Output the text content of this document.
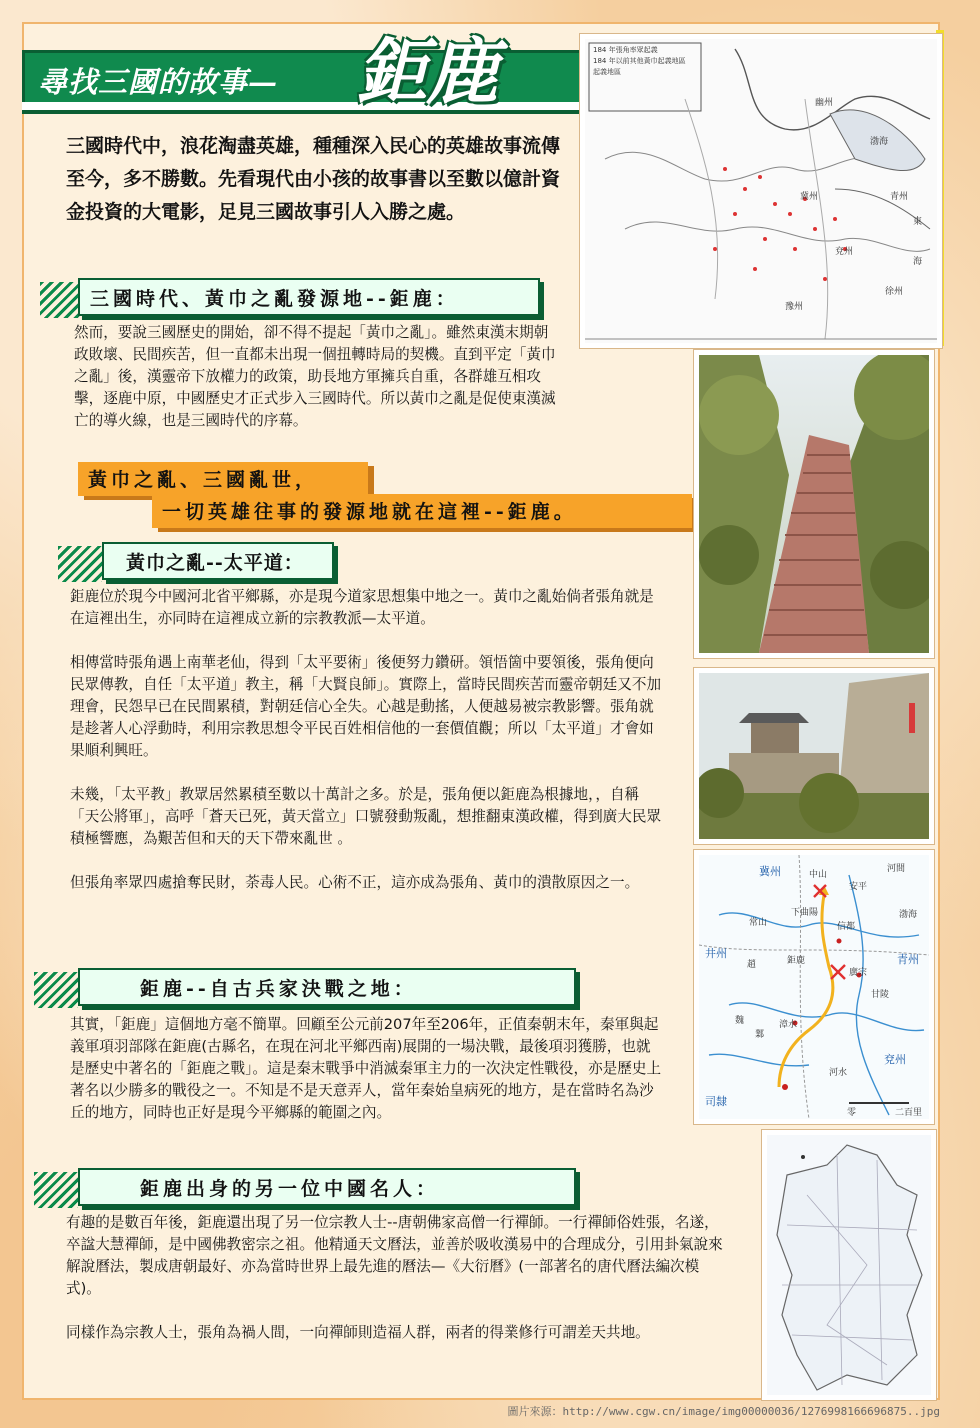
尋找三國的故事— 鉅鹿
三國時代中，浪花淘盡英雄，種種深入民心的英雄故事流傳至今，多不勝數。先看現代由小孩的故事書以至數以億計資金投資的大電影，足見三國故事引人入勝之處。
三國時代、黃巾之亂發源地--鉅鹿：
然而，要說三國歷史的開始，卻不得不提起「黃巾之亂」。雖然東漢末期朝政敗壞、民間疾苦，但一直都未出現一個扭轉時局的契機。直到平定「黃巾之亂」後，漢靈帝下放權力的政策，助長地方軍擁兵自重，各群雄互相攻擊，逐鹿中原，中國歷史才正式步入三國時代。所以黃巾之亂是促使東漢滅亡的導火線，也是三國時代的序幕。
黃巾之亂、三國亂世，
一切英雄往事的發源地就在這裡--鉅鹿。
黃巾之亂--太平道：

鉅鹿位於現今中國河北省平鄉縣，亦是現今道家思想集中地之一。黃巾之亂始倘者張角就是在這裡出生，亦同時在這裡成立新的宗教教派—太平道。

相傳當時張角遇上南華老仙，得到「太平要術」後便努力鑽研。領悟箇中要領後，張角便向民眾傳教，自任「太平道」教主，稱「大賢良師」。實際上，當時民間疾苦而靈帝朝廷又不加理會，民怨早已在民間累積，對朝廷信心全失。心越是動搖，人便越易被宗教影響。張角就是趁著人心浮動時，利用宗教思想令平民百姓相信他的一套價值觀；所以「太平道」才會如果順利興旺。

未幾，「太平教」教眾居然累積至數以十萬計之多。於是，張角便以鉅鹿為根據地，，自稱「天公將軍」，高呼「蒼天已死，黃天當立」口號發動叛亂，想推翻東漢政權，得到廣大民眾積極響應，為艱苦但和天的天下帶來亂世 。

但張角率眾四處搶奪民財，荼毒人民。心術不正，這亦成為張角、黃巾的潰散原因之一。

鉅鹿--自古兵家決戰之地：
其實，「鉅鹿」這個地方毫不簡單。回顧至公元前207年至206年，正值秦朝末年，秦軍與起義軍項羽部隊在鉅鹿(古縣名，在現在河北平鄉西南)展開的一場決戰，最後項羽獲勝，也就是歷史中著名的「鉅鹿之戰」。這是秦末戰爭中消滅秦軍主力的一次決定性戰役，亦是歷史上著名以少勝多的戰役之一。不知是不是天意弄人，當年秦始皇病死的地方，是在當時名為沙丘的地方，同時也正好是現今平鄉縣的範圍之內。
鉅鹿出身的另一位中國名人：

有趣的是數百年後，鉅鹿還出現了另一位宗教人士--唐朝佛家高僧一行禪師。一行禪師俗姓張，名遂，卒諡大慧禪師，是中國佛教密宗之祖。他精通天文曆法，並善於吸收漢易中的合理成分，引用卦氣說來解說曆法，製成唐朝最好、亦為當時世界上最先進的曆法—《大衍曆》(一部著名的唐代曆法編次模式)。

同樣作為宗教人士，張角為禍人間，一向禪師則造福人群，兩者的得業修行可謂差天共地。

184 年張角率眾起義
184 年以前其他黃巾起義地區
起義地區
幽州
冀州	青州
兗州
徐州
豫州
渤海
東
海
冀州	中山
安平
河間
常山
下曲陽
信都
渤海
井州
趙	鉅鹿
廣宗
甘陵
青州
魏
鄴
漳水
河水
兗州
司隸
零	二百里
圖片來源：http://www.cgw.cn/image/img00000036/1276998166696875..jpg
